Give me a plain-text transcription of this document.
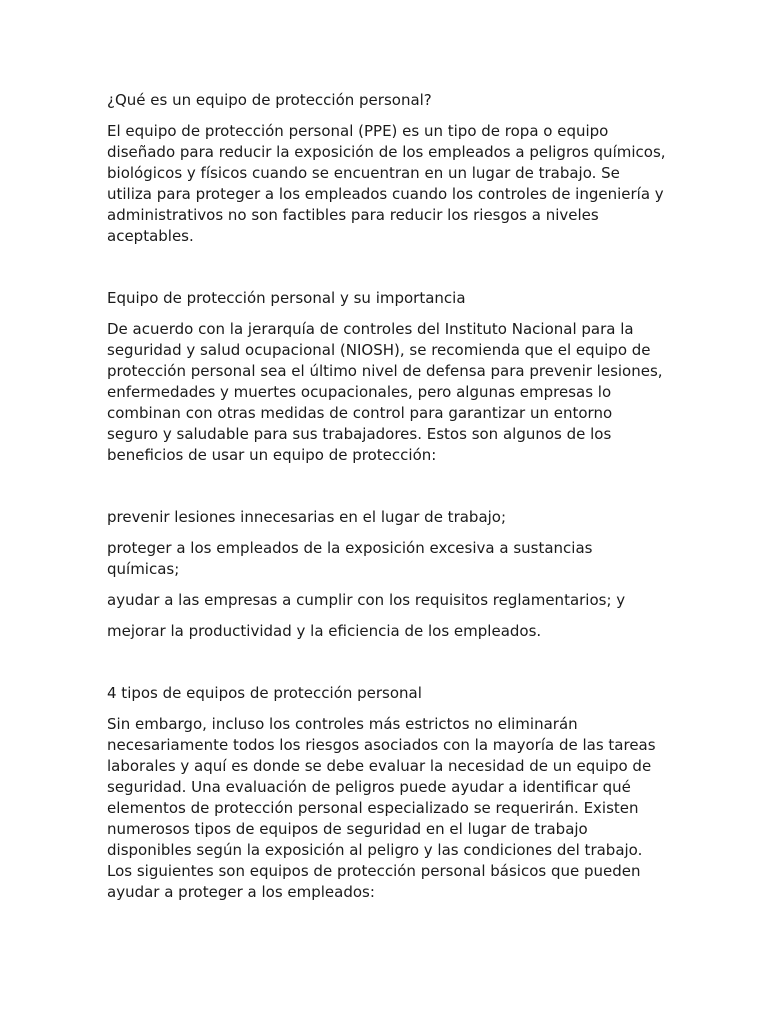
¿Qué es un equipo de protección personal?

El equipo de protección personal (PPE) es un tipo de ropa o equipo diseñado para reducir la exposición de los empleados a peligros químicos, biológicos y físicos cuando se encuentran en un lugar de trabajo. Se utiliza para proteger a los empleados cuando los controles de ingeniería y administrativos no son factibles para reducir los riesgos a niveles aceptables.

Equipo de protección personal y su importancia

De acuerdo con la jerarquía de controles del Instituto Nacional para la seguridad y salud ocupacional (NIOSH), se recomienda que el equipo de protección personal sea el último nivel de defensa para prevenir lesiones, enfermedades y muertes ocupacionales, pero algunas empresas lo combinan con otras medidas de control para garantizar un entorno seguro y saludable para sus trabajadores. Estos son algunos de los beneficios de usar un equipo de protección:

prevenir lesiones innecesarias en el lugar de trabajo;

proteger a los empleados de la exposición excesiva a sustancias químicas;

ayudar a las empresas a cumplir con los requisitos reglamentarios; y

mejorar la productividad y la eficiencia de los empleados.

4 tipos de equipos de protección personal

Sin embargo, incluso los controles más estrictos no eliminarán necesariamente todos los riesgos asociados con la mayoría de las tareas laborales y aquí es donde se debe evaluar la necesidad de un equipo de seguridad. Una evaluación de peligros puede ayudar a identificar qué elementos de protección personal especializado se requerirán. Existen numerosos tipos de equipos de seguridad en el lugar de trabajo disponibles según la exposición al peligro y las condiciones del trabajo. Los siguientes son equipos de protección personal básicos que pueden ayudar a proteger a los empleados:
